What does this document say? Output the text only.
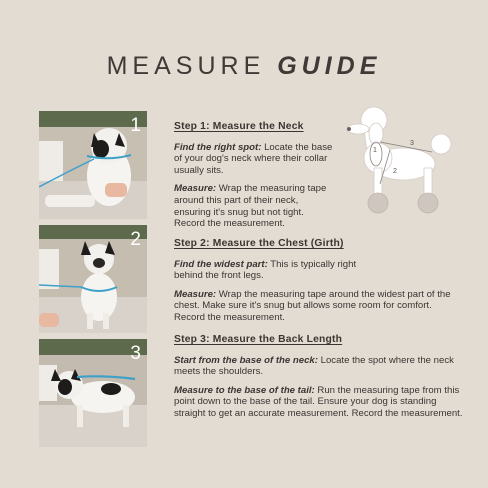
MEASURE GUIDE
1
2
3
1
2
3
Step 1: Measure the Neck

Find the right spot: Locate the base of your dog's neck where their collar usually sits.

Measure: Wrap the measuring tape around this part of their neck, ensuring it's snug but not tight. Record the measurement.

Step 2: Measure the Chest (Girth)

Find the widest part: This is typically right behind the front legs.

Measure: Wrap the measuring tape around the widest part of the chest. Make sure it's snug but allows some room for comfort. Record the measurement.

Step 3: Measure the Back Length

Start from the base of the neck: Locate the spot where the neck meets the shoulders.

Measure to the base of the tail: Run the measuring tape from this point down to the base of the tail. Ensure your dog is standing straight to get an accurate measurement. Record the measurement.
